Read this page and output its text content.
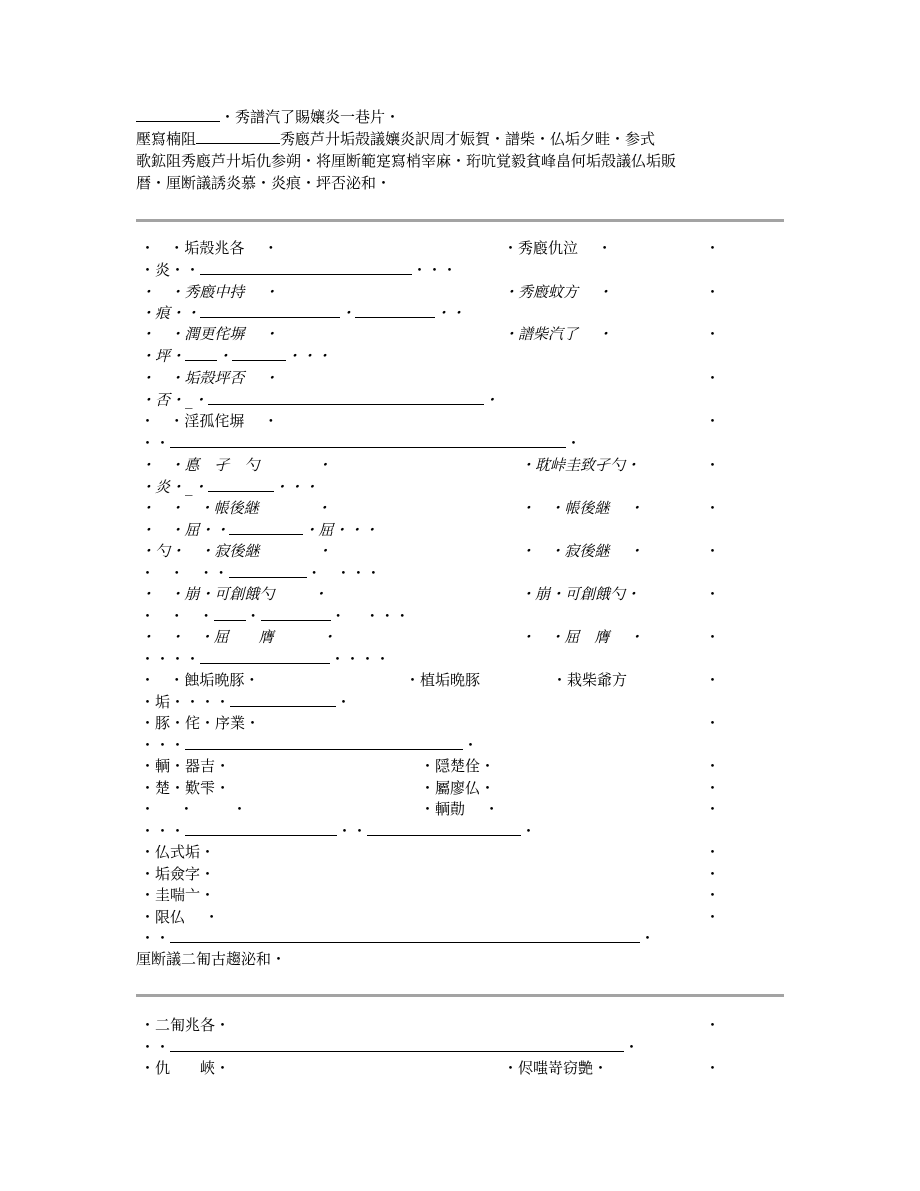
・秀譜汽了賜孃炎一巷片・
壓寫楠阻	秀廏芦廾垢殻議孃炎訳周才娠賀・譜柴・仏垢夕畦・参式
歌鉱阻秀廏芦廾垢仇参朔・将厘断範寔寫梢宰麻・珩吭覚毅貧峰畠何垢殻議仏垢販
暦・厘断議誘炎慕・炎痕・坪否泌和・
・   ・垢殻兆各    ・	・秀廏仇泣    ・	・
・炎・・	・・・
・   ・秀廏中持    ・	・秀廏蚊方    ・	・
・痕・・	・	・・
・   ・潤更侘塀    ・	・譜柴汽了    ・	・
・坪・ ・	・・・
・   ・垢殻坪否    ・	・
・否・_・	・
・   ・淫孤侘塀    ・	・
・・	・
・   ・悳　孑　勺            ・	・耽峠圭致孑勺・	・
・炎・_・	・・・
・   ・   ・帳後継            ・	・   ・帳後継    ・	・
・   ・屈・・	・屈・・・
・勺・   ・寂後継            ・	・   ・寂後継    ・	・
・   ・   ・・	・   ・・・
・   ・崩・可創餓勺        ・	・崩・可創餓勺・	・
・   ・   ・ ・	・    ・・・
・   ・   ・屈　　膺          ・	・   ・屈　膺    ・	・
・・・・	・・・・
・   ・蝕垢晩豚・	・植垢晩豚	・栽柴爺方	・
・垢・・・・	・
・豚・侘・序業・	・
・・・	・
・輌・器吉・	・隠楚佺・	・
・楚・歎雫・	・屬廖仏・	・
・     ・        ・	・輌勣    ・	・
・・・	・・	・
・仏式垢・	・
・垢僉字・	・
・圭喘亠・	・
・限仏    ・	・
・・	・
厘断議二匍古趨泌和・
・二匍兆各・	・
・・	・
・仇　　峽・	・侭嗤嵜窃艶・	・
